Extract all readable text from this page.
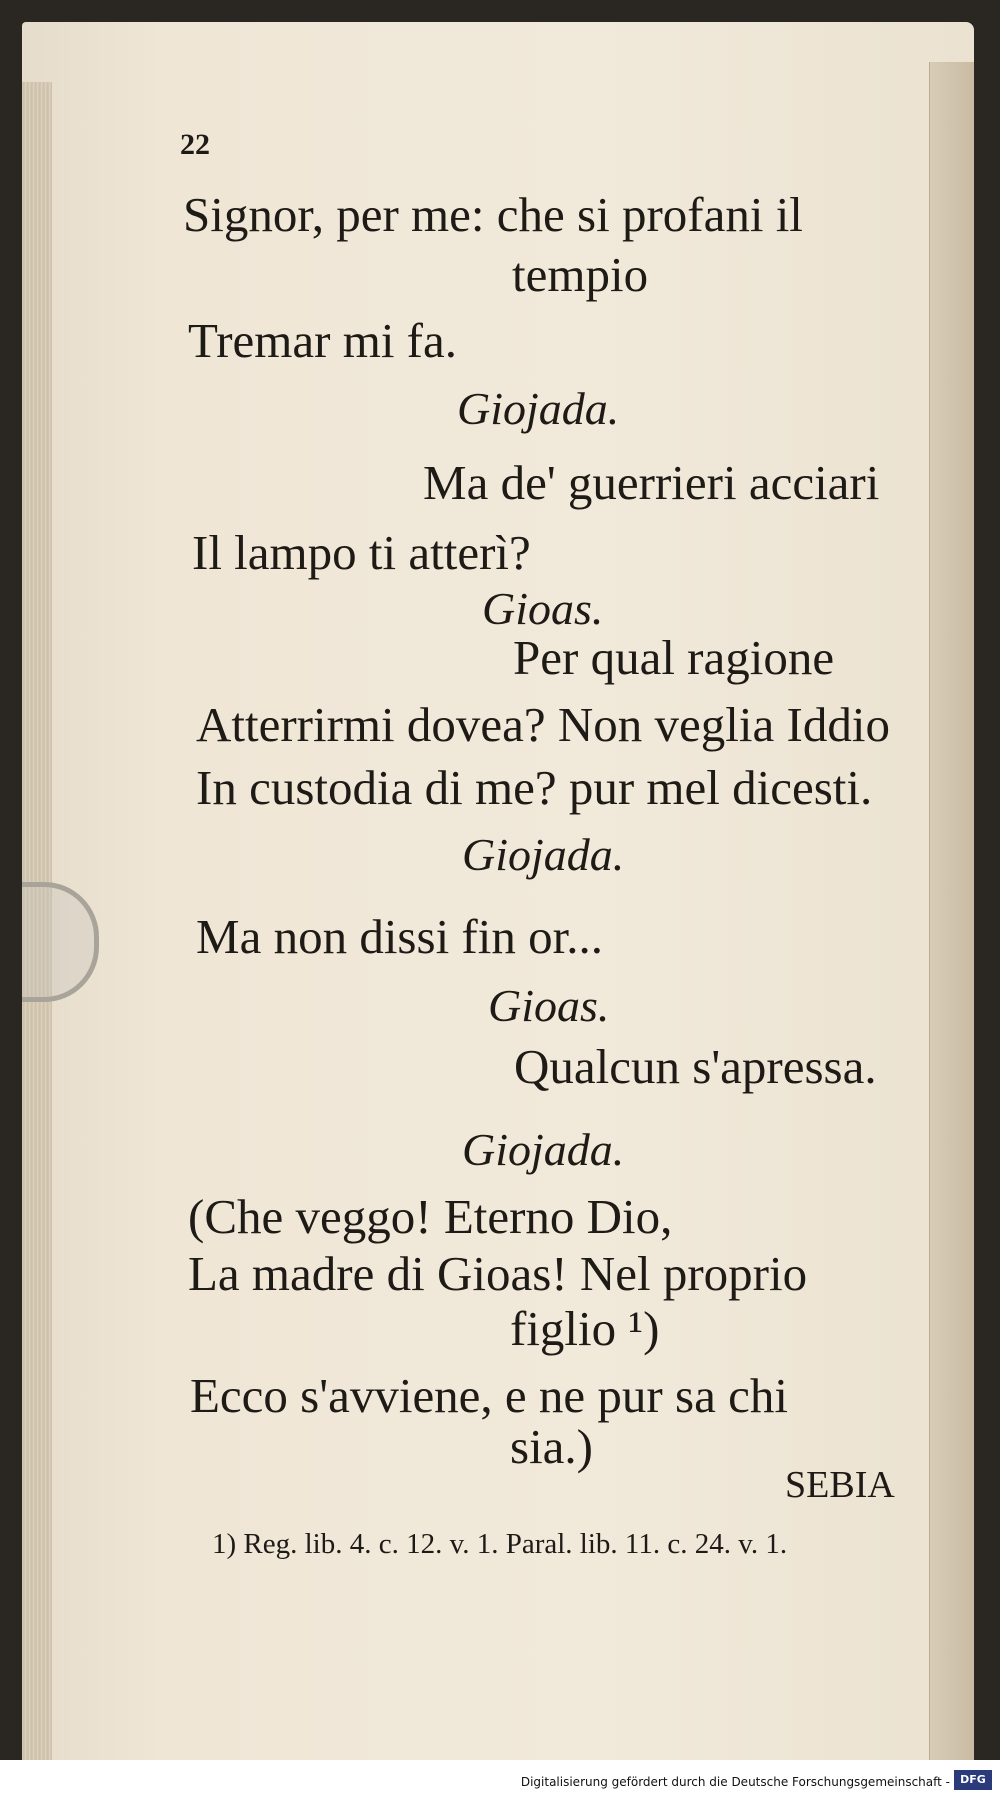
22

Signor, per me: che si profani il

tempio

Tremar mi fa.

Giojada.

Ma de' guerrieri acciari

Il lampo ti atterì?

Gioas.

Per qual ragione

Atterrirmi dovea? Non veglia Iddio

In custodia di me? pur mel dicesti.

Giojada.

Ma non dissi fin or...

Gioas.

Qualcun s'apressa.

Giojada.

(Che veggo! Eterno Dio,

La madre di Gioas! Nel proprio

figlio ¹)

Ecco s'avviene, e ne pur sa chi

sia.)

SEBIA

1) Reg. lib. 4. c. 12. v. 1. Paral. lib. 11. c. 24. v. 1.

Digitalisierung gefördert durch die Deutsche Forschungsgemeinschaft - DFG
